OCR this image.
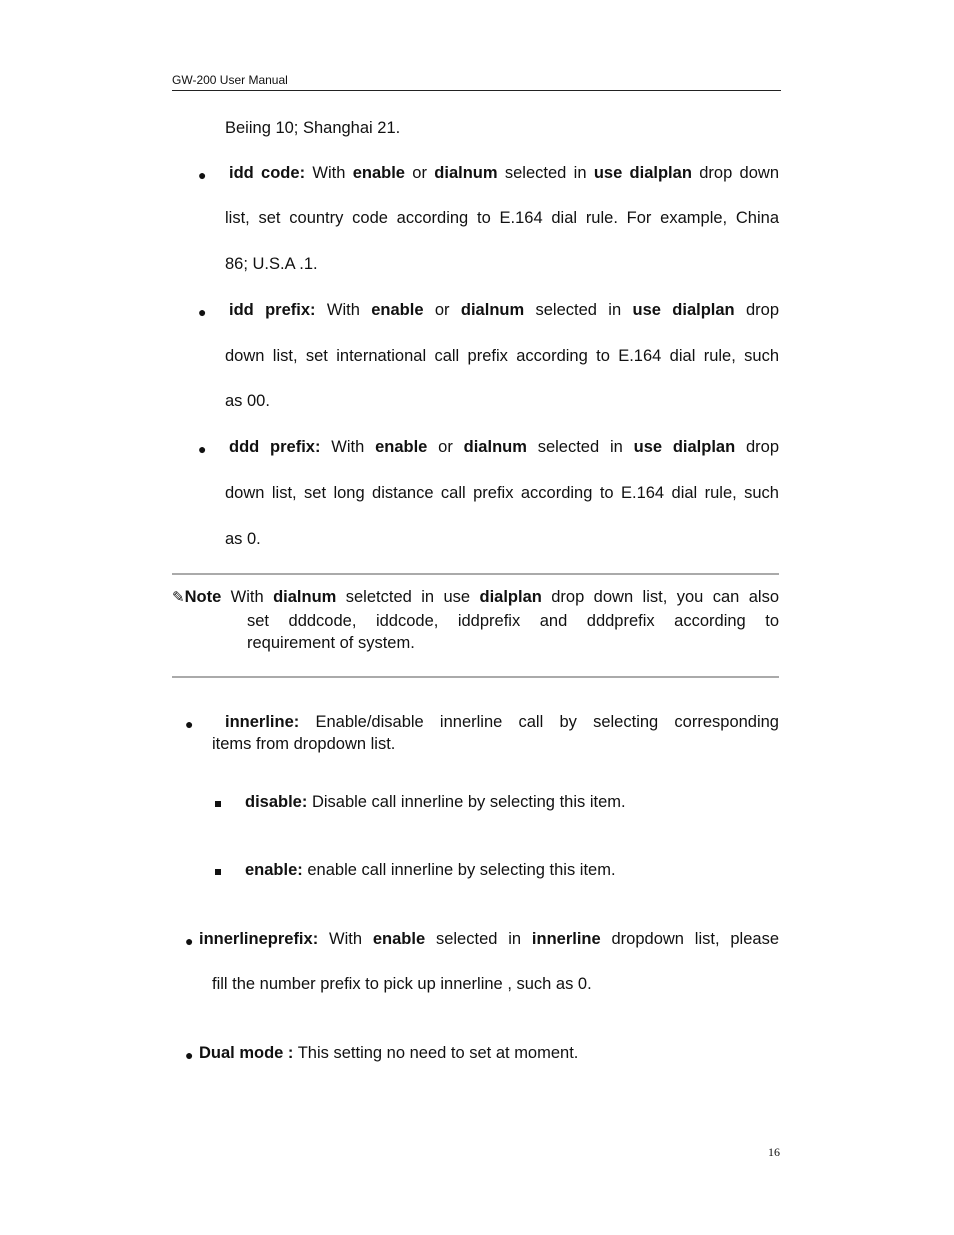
GW-200 User Manual
Beiing 10; Shanghai 21.
● idd code: With enable or dialnum selected in use dialplan drop down
list, set country code according to E.164 dial rule. For example, China
86; U.S.A .1.
● idd prefix: With enable or dialnum selected in use dialplan drop
down list, set international call prefix according to E.164 dial rule, such
as 00.
● ddd prefix: With enable or dialnum selected in use dialplan drop
down list, set long distance call prefix according to E.164 dial rule, such
as 0.
✎Note With dialnum seletcted in use dialplan drop down list, you can also
set dddcode, iddcode, iddprefix and dddprefix according to
requirement of system.
● innerline: Enable/disable innerline call by selecting corresponding
items from dropdown list.
disable: Disable call innerline by selecting this item.
enable: enable call innerline by selecting this item.
● innerlineprefix: With enable selected in innerline dropdown list, please
fill the number prefix to pick up innerline , such as 0.
● Dual mode : This setting no need to set at moment.
16
